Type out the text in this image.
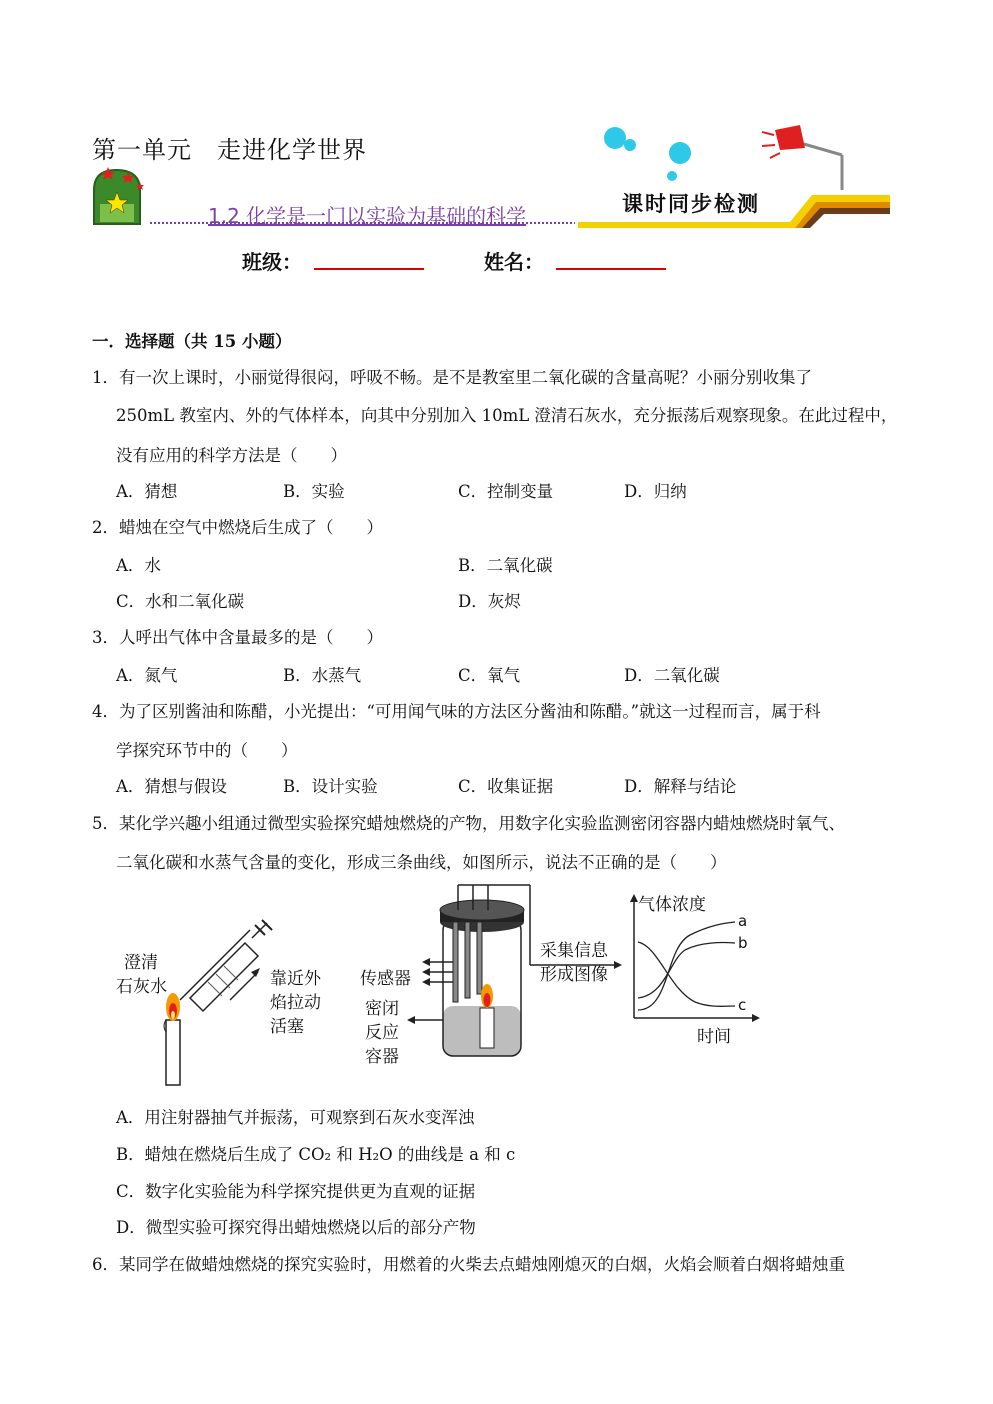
第一单元　走进化学世界
1.2 化学是一门以实验为基础的科学	课时同步检测
班级：	姓名：
一．选择题（共 15 小题）
1．有一次上课时，小丽觉得很闷，呼吸不畅。是不是教室里二氧化碳的含量高呢？小丽分别收集了
250mL 教室内、外的气体样本，向其中分别加入 10mL 澄清石灰水，充分振荡后观察现象。在此过程中，
没有应用的科学方法是（　　）
A．猜想	B．实验	C．控制变量	D．归纳
2．蜡烛在空气中燃烧后生成了（　　）
A．水	B．二氧化碳
C．水和二氧化碳	D．灰烬
3．人呼出气体中含量最多的是（　　）
A．氮气	B．水蒸气	C．氧气	D．二氧化碳
4．为了区别酱油和陈醋，小光提出：“可用闻气味的方法区分酱油和陈醋。”就这一过程而言，属于科
学探究环节中的（　　）
A．猜想与假设	B．设计实验	C．收集证据	D．解释与结论
5．某化学兴趣小组通过微型实验探究蜡烛燃烧的产物，用数字化实验监测密闭容器内蜡烛燃烧时氧气、
二氧化碳和水蒸气含量的变化，形成三条曲线，如图所示，说法不正确的是（　　）
澄清
石灰水	靠近外
焰拉动
活塞
传感器
密闭
反应
容器
采集信息
形成图像
气体浓度
时间
a
b
c
A．用注射器抽气并振荡，可观察到石灰水变浑浊
B．蜡烛在燃烧后生成了 CO₂ 和 H₂O 的曲线是 a 和 c
C．数字化实验能为科学探究提供更为直观的证据
D．微型实验可探究得出蜡烛燃烧以后的部分产物
6．某同学在做蜡烛燃烧的探究实验时，用燃着的火柴去点蜡烛刚熄灭的白烟，火焰会顺着白烟将蜡烛重
